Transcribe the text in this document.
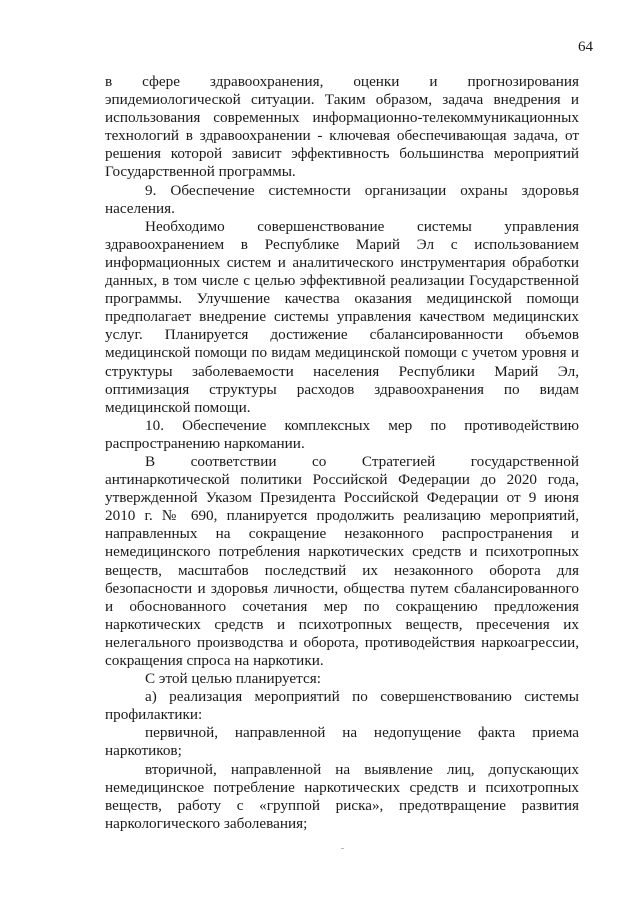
64

в сфере здравоохранения, оценки и прогнозирования эпидемиологической ситуации. Таким образом, задача внедрения и использования современных информационно-телекоммуникационных технологий в здравоохранении - ключевая обеспечивающая задача, от решения которой зависит эффективность большинства мероприятий Государственной программы.

9. Обеспечение системности организации охраны здоровья населения.

Необходимо совершенствование системы управления здравоохранением в Республике Марий Эл с использованием информационных систем и аналитического инструментария обработки данных, в том числе с целью эффективной реализации Государственной программы. Улучшение качества оказания медицинской помощи предполагает внедрение системы управления качеством медицинских услуг. Планируется достижение сбалансированности объемов медицинской помощи по видам медицинской помощи с учетом уровня и структуры заболеваемости населения Республики Марий Эл, оптимизация структуры расходов здравоохранения по видам медицинской помощи.

10. Обеспечение комплексных мер по противодействию распространению наркомании.

В соответствии со Стратегией государственной антинаркотической политики Российской Федерации до 2020 года, утвержденной Указом Президента Российской Федерации от 9 июня 2010 г. № 690, планируется продолжить реализацию мероприятий, направленных на сокращение незаконного распространения и немедицинского потребления наркотических средств и психотропных веществ, масштабов последствий их незаконного оборота для безопасности и здоровья личности, общества путем сбалансированного и обоснованного сочетания мер по сокращению предложения наркотических средств и психотропных веществ, пресечения их нелегального производства и оборота, противодействия наркоагрессии, сокращения спроса на наркотики.

С этой целью планируется:

а) реализация мероприятий по совершенствованию системы профилактики:

первичной, направленной на недопущение факта приема наркотиков;

вторичной, направленной на выявление лиц, допускающих немедицинское потребление наркотических средств и психотропных веществ, работу с «группой риска», предотвращение развития наркологического заболевания;
